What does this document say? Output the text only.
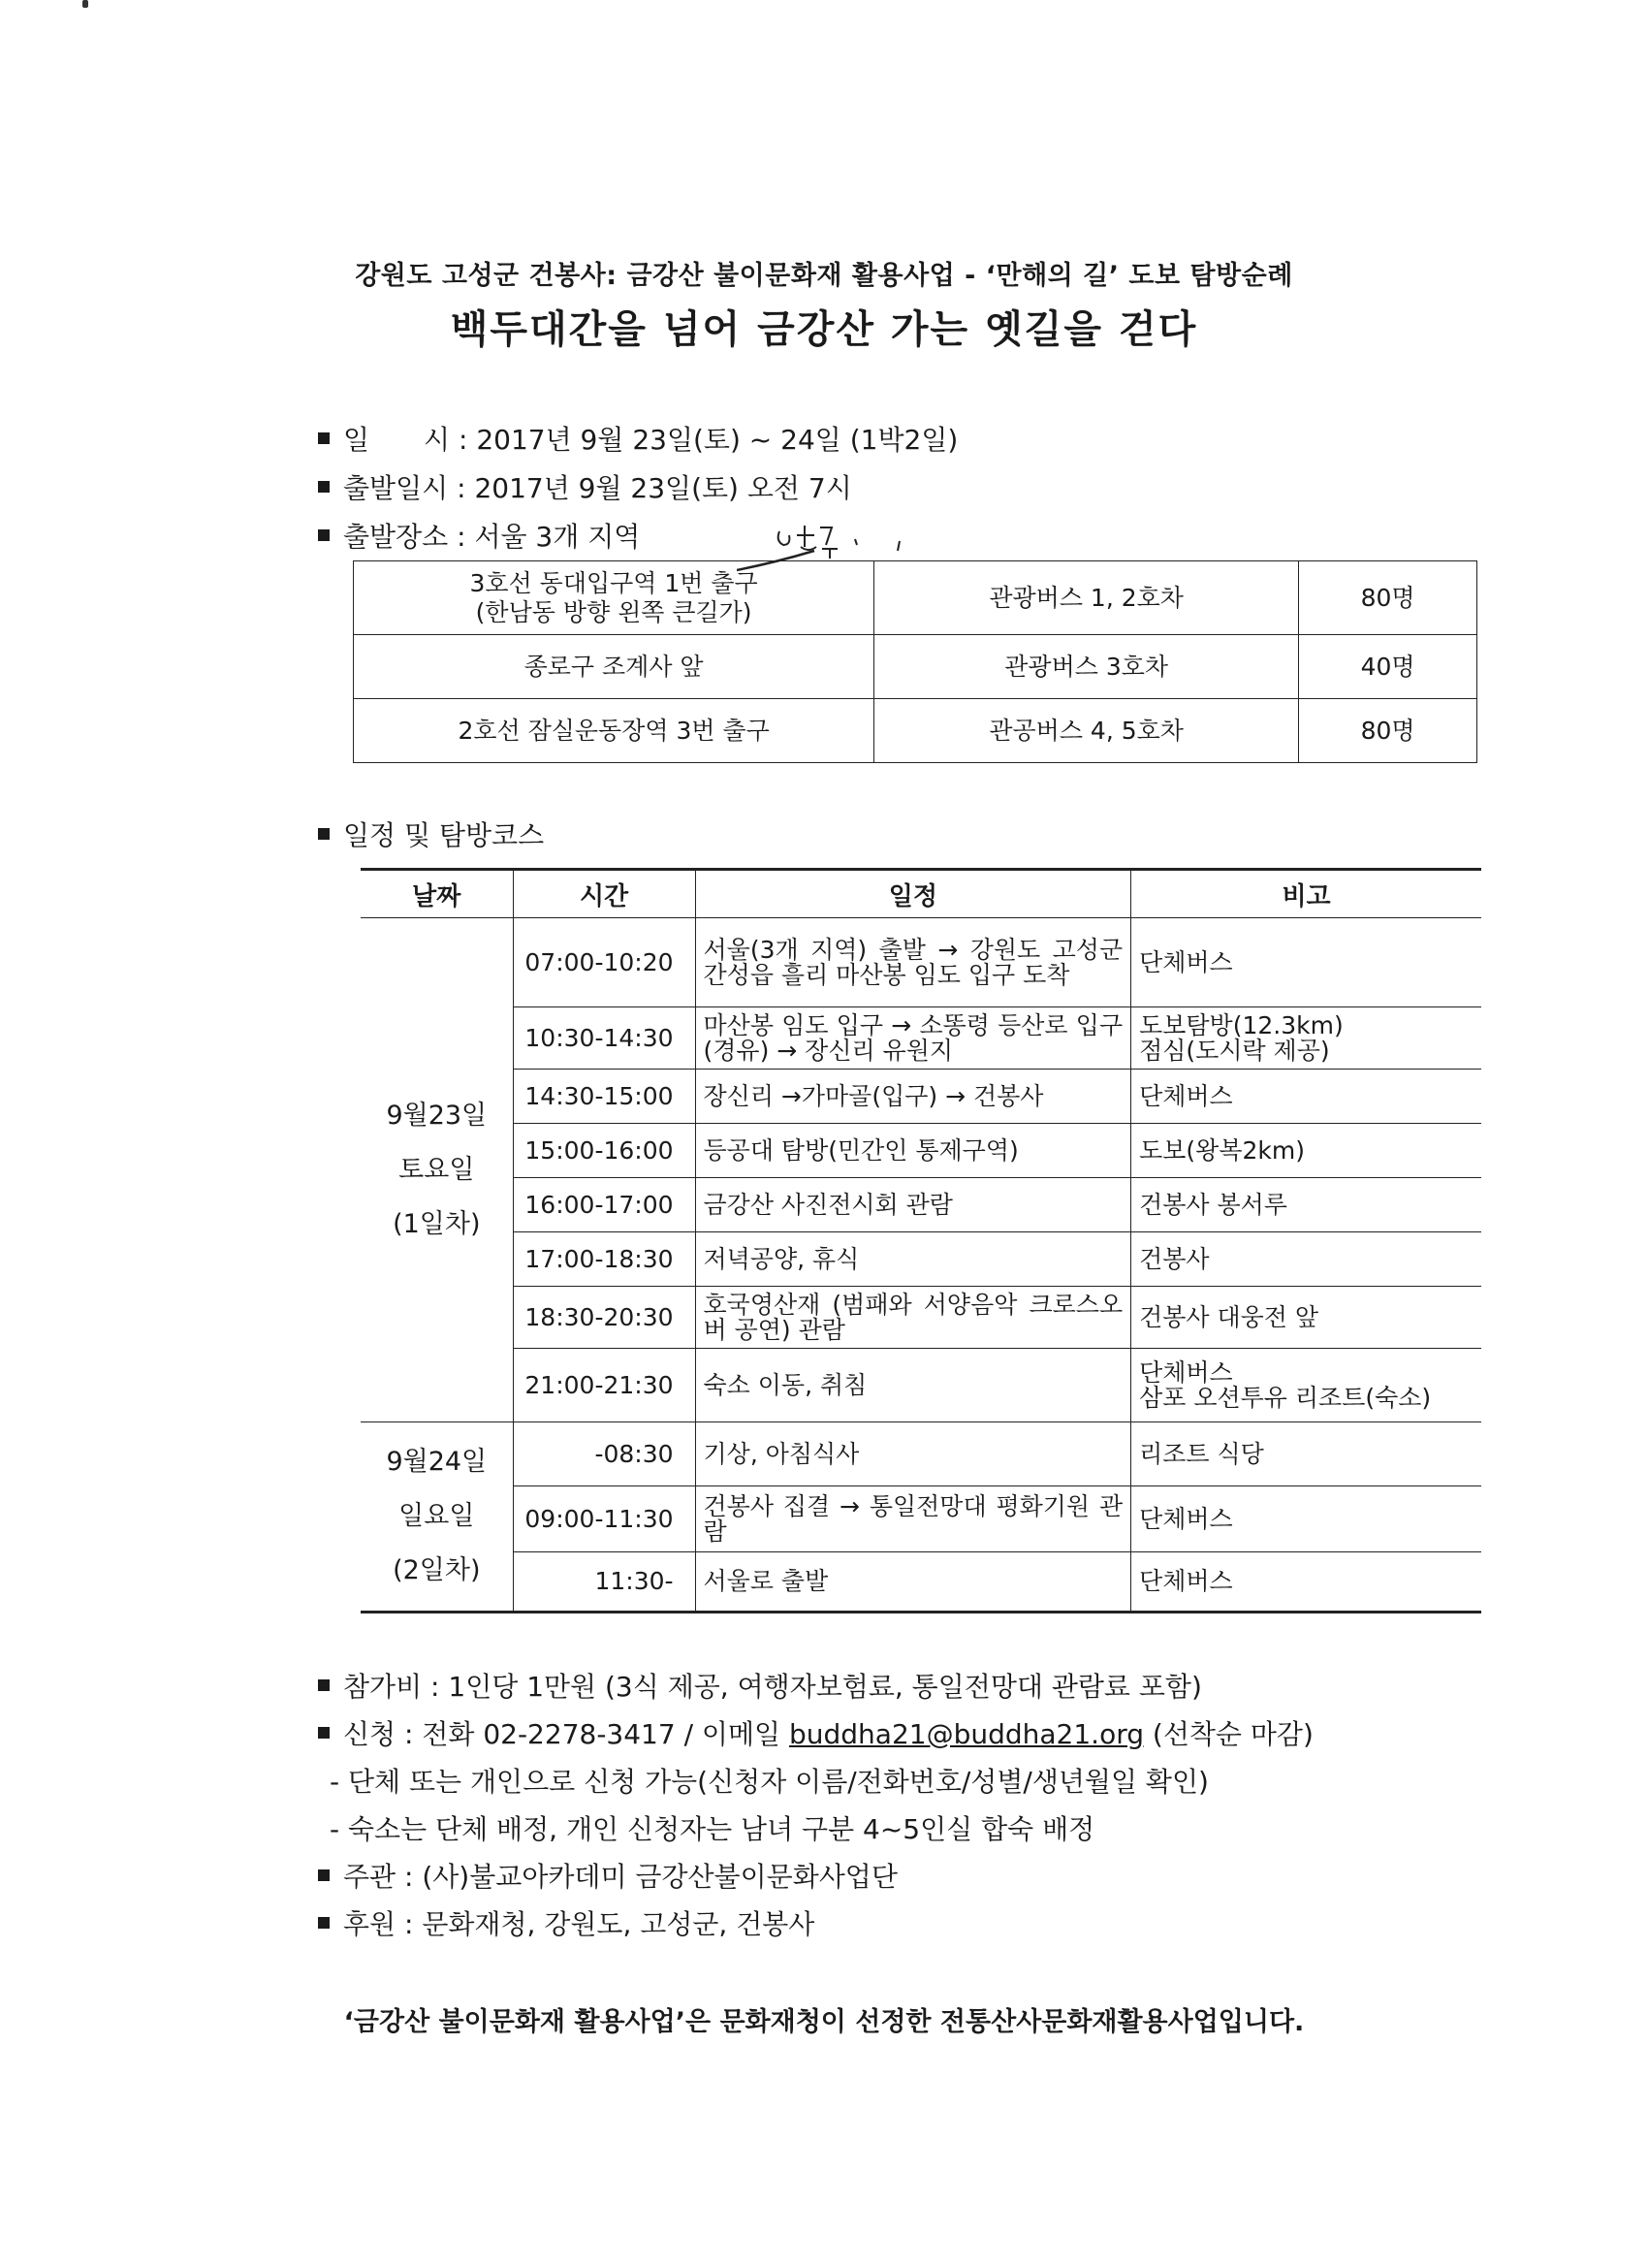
강원도 고성군 건봉사: 금강산 불이문화재 활용사업 - ‘만해의 길’ 도보 탐방순례
백두대간을 넘어 금강산 가는 옛길을 걷다
일　　시 : 2017년 9월 23일(토) ~ 24일 (1박2일)
출발일시 : 2017년 9월 23일(토) 오전 7시
출발장소 : 서울 3개 지역
3호선 동대입구역 1번 출구
(한남동 방향 왼쪽 큰길가)	관광버스 1, 2호차	80명
종로구 조계사 앞	관광버스 3호차	40명
2호선 잠실운동장역 3번 출구	관공버스 4, 5호차	80명
일정 및 탐방코스
날짜	시간	일정	비고

9월23일
토요일
(1일차)	07:00-10:20	서울(3개 지역) 출발 → 강원도 고성군 간성읍 흘리 마산봉 임도 입구 도착	단체버스

	10:30-14:30	마산봉 임도 입구 → 소똥령 등산로 입구(경유) → 장신리 유원지	도보탐방(12.3km)
점심(도시락 제공)

	14:30-15:00	장신리 →가마골(입구) → 건봉사	단체버스
	15:00-16:00	등공대 탐방(민간인 통제구역)	도보(왕복2km)
	16:00-17:00	금강산 사진전시회 관람	건봉사 봉서루
	17:00-18:30	저녁공양, 휴식	건봉사
	18:30-20:30	호국영산재 (범패와 서양음악 크로스오버 공연) 관람	건봉사 대웅전 앞
	21:00-21:30	숙소 이동, 취침	단체버스
삼포 오션투유 리조트(숙소)

9월24일
일요일
(2일차)	-08:30	기상, 아침식사	리조트 식당
	09:00-11:30	건봉사 집결 → 통일전망대 평화기원 관람	단체버스
	11:30-	서울로 출발	단체버스
참가비 : 1인당 1만원 (3식 제공, 여행자보험료, 통일전망대 관람료 포함)
신청 : 전화 02-2278-3417 / 이메일 buddha21@buddha21.org (선착순 마감)
- 단체 또는 개인으로 신청 가능(신청자 이름/전화번호/성별/생년월일 확인)
- 숙소는 단체 배정, 개인 신청자는 남녀 구분 4~5인실 합숙 배정
주관 : (사)불교아카데미 금강산불이문화사업단
후원 : 문화재청, 강원도, 고성군, 건봉사
‘금강산 불이문화재 활용사업’은 문화재청이 선정한 전통산사문화재활용사업입니다.
